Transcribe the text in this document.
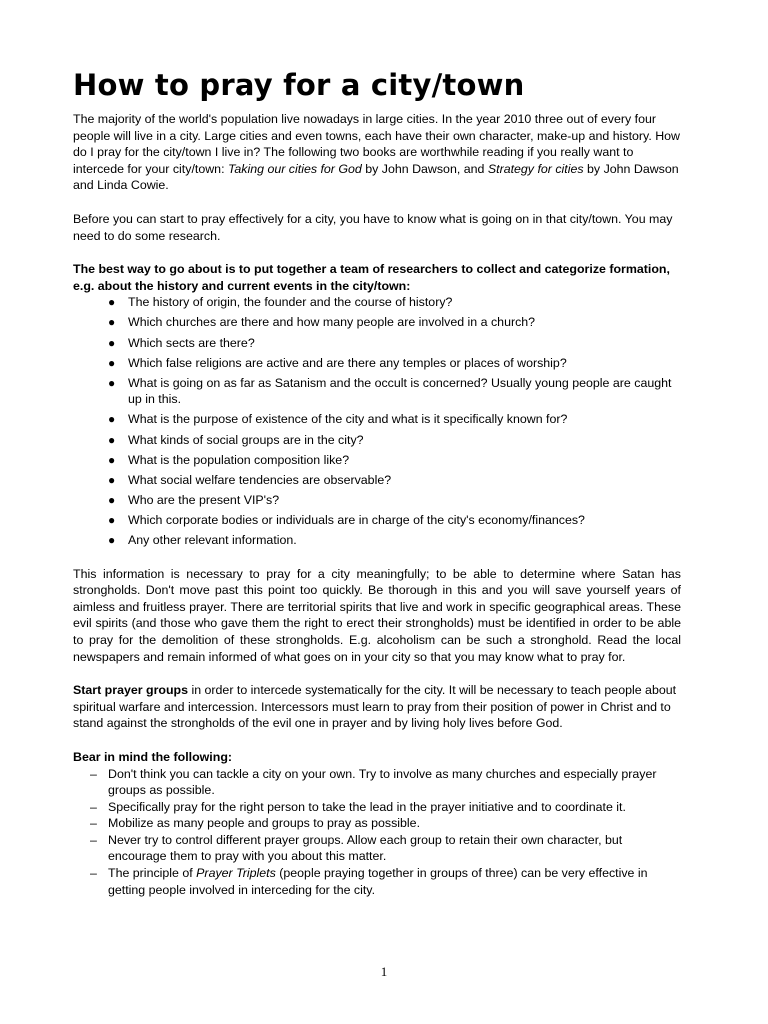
How to pray for a city/town

The majority of the world's population live nowadays in large cities. In the year 2010 three out of every four people will live in a city. Large cities and even towns, each have their own character, make-up and history. How do I pray for the city/town I live in? The following two books are worthwhile reading if you really want to intercede for your city/town: Taking our cities for God by John Dawson, and Strategy for cities by John Dawson and Linda Cowie.

Before you can start to pray effectively for a city, you have to know what is going on in that city/town. You may need to do some research.

The best way to go about is to put together a team of researchers to collect and categorize formation, e.g. about the history and current events in the city/town:

● The history of origin, the founder and the course of history?
● Which churches are there and how many people are involved in a church?
● Which sects are there?
● Which false religions are active and are there any temples or places of worship?
● What is going on as far as Satanism and the occult is concerned? Usually young people are caught up in this.
● What is the purpose of existence of the city and what is it specifically known for?
● What kinds of social groups are in the city?
● What is the population composition like?
● What social welfare tendencies are observable?
● Who are the present VIP's?
● Which corporate bodies or individuals are in charge of the city's economy/finances?
● Any other relevant information.

This information is necessary to pray for a city meaningfully; to be able to determine where Satan has strongholds. Don't move past this point too quickly. Be thorough in this and you will save yourself years of aimless and fruitless prayer. There are territorial spirits that live and work in specific geographical areas. These evil spirits (and those who gave them the right to erect their strongholds) must be identified in order to be able to pray for the demolition of these strongholds. E.g. alcoholism can be such a stronghold. Read the local newspapers and remain informed of what goes on in your city so that you may know what to pray for.

Start prayer groups in order to intercede systematically for the city. It will be necessary to teach people about spiritual warfare and intercession. Intercessors must learn to pray from their position of power in Christ and to stand against the strongholds of the evil one in prayer and by living holy lives before God.

Bear in mind the following:

– Don't think you can tackle a city on your own. Try to involve as many churches and especially prayer groups as possible.
– Specifically pray for the right person to take the lead in the prayer initiative and to coordinate it.
– Mobilize as many people and groups to pray as possible.
– Never try to control different prayer groups. Allow each group to retain their own character, but encourage them to pray with you about this matter.
– The principle of Prayer Triplets (people praying together in groups of three) can be very effective in getting people involved in interceding for the city.
1
